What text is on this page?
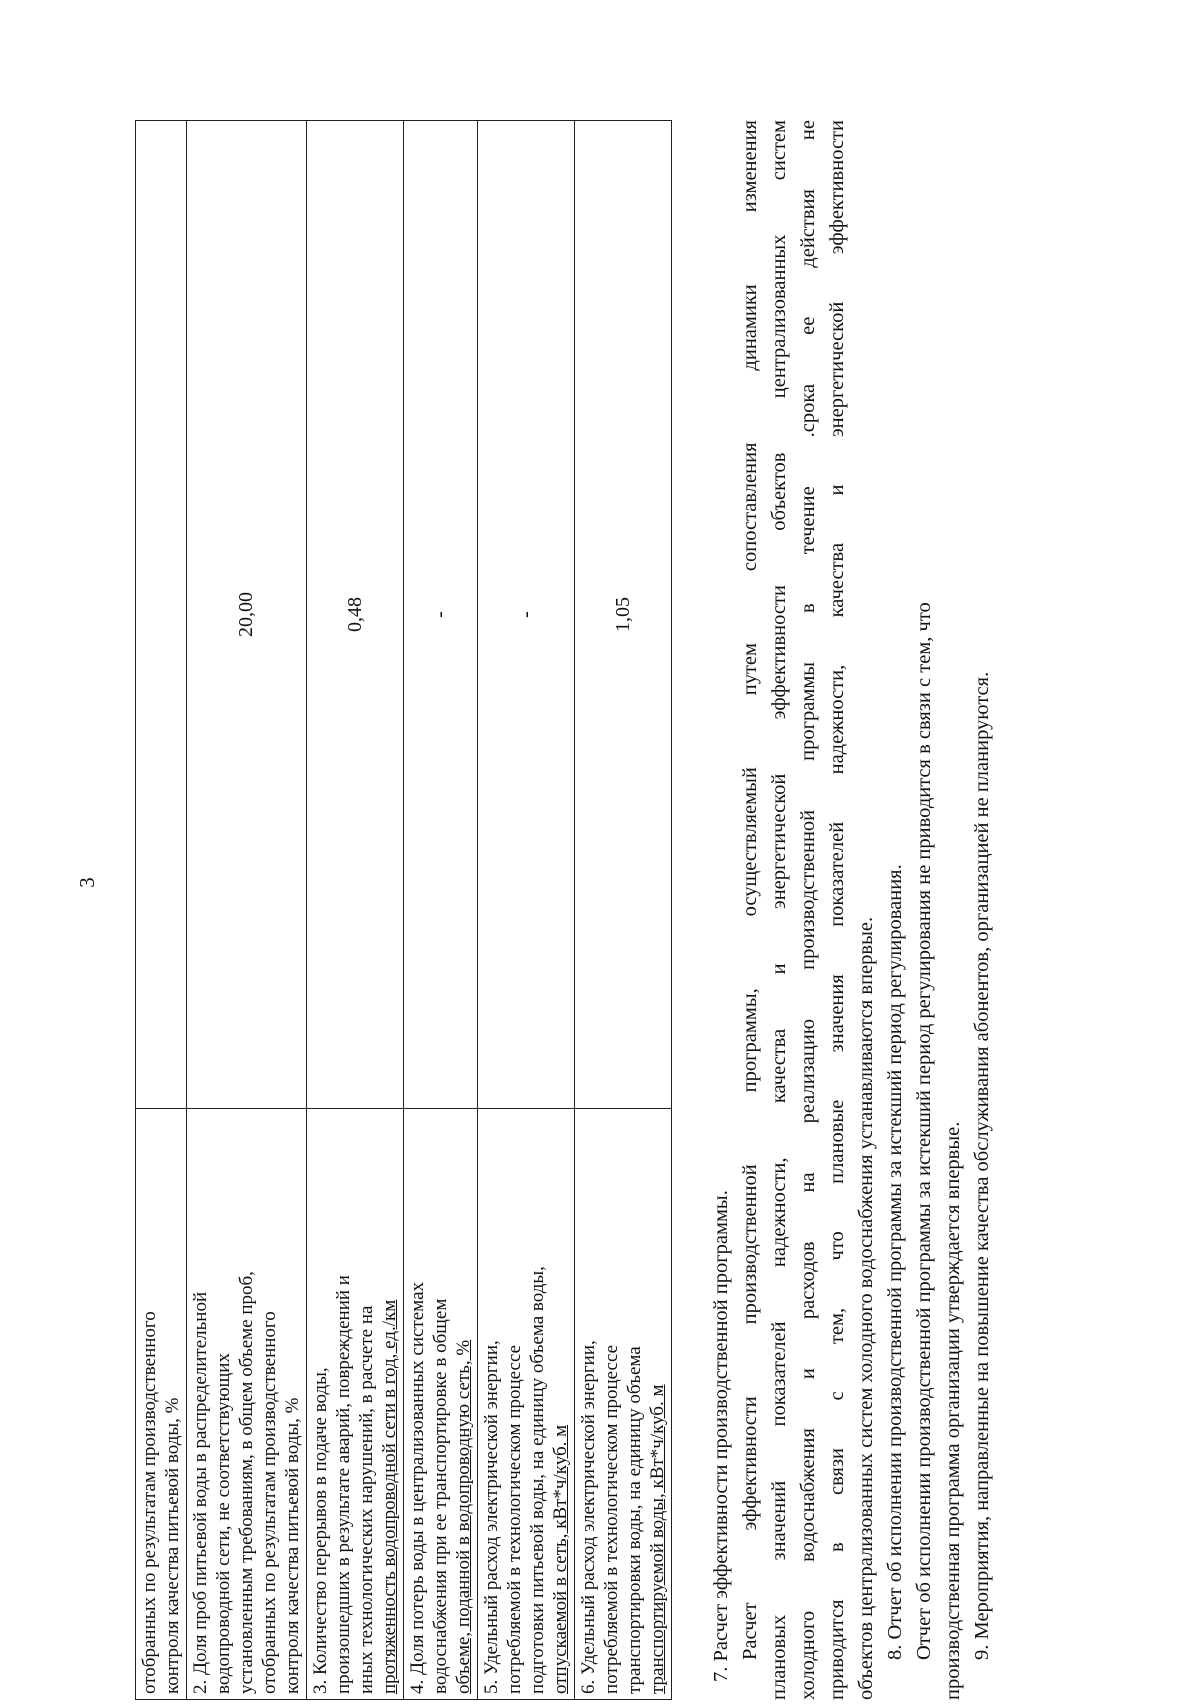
3
отобранных по результатам производственного контроля качества питьевой воды, %	

2. Доля проб питьевой воды в распределительной водопроводной сети, не соответствующих установленным требованиям, в общем объеме проб, отобранных по результатам производственного контроля качества питьевой воды, %	20,00

3. Количество перерывов в подаче воды, произошедших в результате аварий, повреждений и иных технологических нарушений, в расчете на протяженность водопроводной сети в год, ед./км	0,48

4. Доля потерь воды в централизованных системах водоснабжения при ее транспортировке в общем объеме, поданной в водопроводную сеть, %	-

5. Удельный расход электрической энергии, потребляемой в технологическом процессе подготовки питьевой воды, на единицу объема воды, отпускаемой в сеть, кВт*ч/куб. м	-

6. Удельный расход электрической энергии, потребляемой в технологическом процессе транспортировки воды, на единицу объема транспортируемой воды, кВт*ч/куб. м	1,05

7. Расчет эффективности производственной программы. Расчет эффективности производственной программы, осуществляемый путем сопоставления динамики изменения плановых значений показателей надежности, качества и энергетической эффективности объектов централизованных систем холодного водоснабжения и расходов на реализацию производственной программы в течение .срока ее действия не приводится в связи с тем, что плановые значения показателей надежности, качества и энергетической эффективности объектов централизованных систем холодного водоснабжения устанавливаются впервые. 8. Отчет об исполнении производственной программы за истекший период регулирования. Отчет об исполнении производственной программы за истекший период регулирования не приводится в связи с тем, что производственная программа организации утверждается впервые. 9. Мероприятия, направленные на повышение качества обслуживания абонентов, организацией не планируются.
